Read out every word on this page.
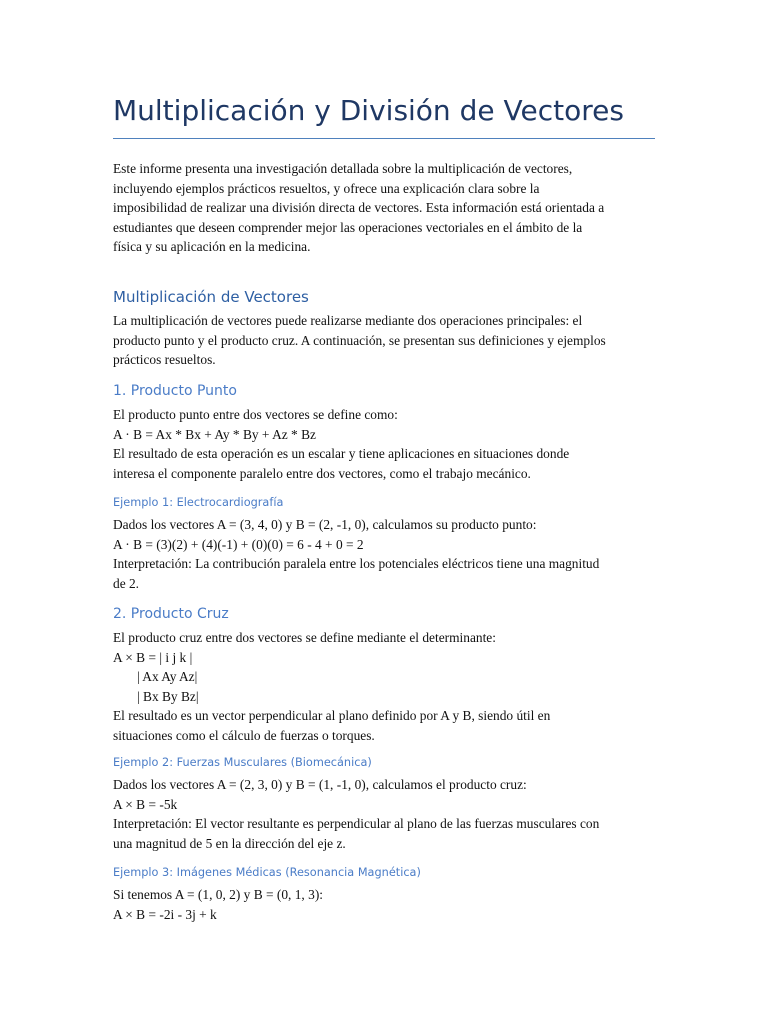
Multiplicación y División de Vectores
Este informe presenta una investigación detallada sobre la multiplicación de vectores,
incluyendo ejemplos prácticos resueltos, y ofrece una explicación clara sobre la
imposibilidad de realizar una división directa de vectores. Esta información está orientada a
estudiantes que deseen comprender mejor las operaciones vectoriales en el ámbito de la
física y su aplicación en la medicina.
Multiplicación de Vectores
La multiplicación de vectores puede realizarse mediante dos operaciones principales: el
producto punto y el producto cruz. A continuación, se presentan sus definiciones y ejemplos
prácticos resueltos.
1. Producto Punto
El producto punto entre dos vectores se define como:
A · B = Ax * Bx + Ay * By + Az * Bz
El resultado de esta operación es un escalar y tiene aplicaciones en situaciones donde
interesa el componente paralelo entre dos vectores, como el trabajo mecánico.
Ejemplo 1: Electrocardiografía
Dados los vectores A = (3, 4, 0) y B = (2, -1, 0), calculamos su producto punto:
A · B = (3)(2) + (4)(-1) + (0)(0) = 6 - 4 + 0 = 2
Interpretación: La contribución paralela entre los potenciales eléctricos tiene una magnitud
de 2.
2. Producto Cruz
El producto cruz entre dos vectores se define mediante el determinante:
A × B = | i j k |
| Ax Ay Az|
| Bx By Bz|
El resultado es un vector perpendicular al plano definido por A y B, siendo útil en
situaciones como el cálculo de fuerzas o torques.
Ejemplo 2: Fuerzas Musculares (Biomecánica)
Dados los vectores A = (2, 3, 0) y B = (1, -1, 0), calculamos el producto cruz:
A × B = -5k
Interpretación: El vector resultante es perpendicular al plano de las fuerzas musculares con
una magnitud de 5 en la dirección del eje z.
Ejemplo 3: Imágenes Médicas (Resonancia Magnética)
Si tenemos A = (1, 0, 2) y B = (0, 1, 3):
A × B = -2i - 3j + k
